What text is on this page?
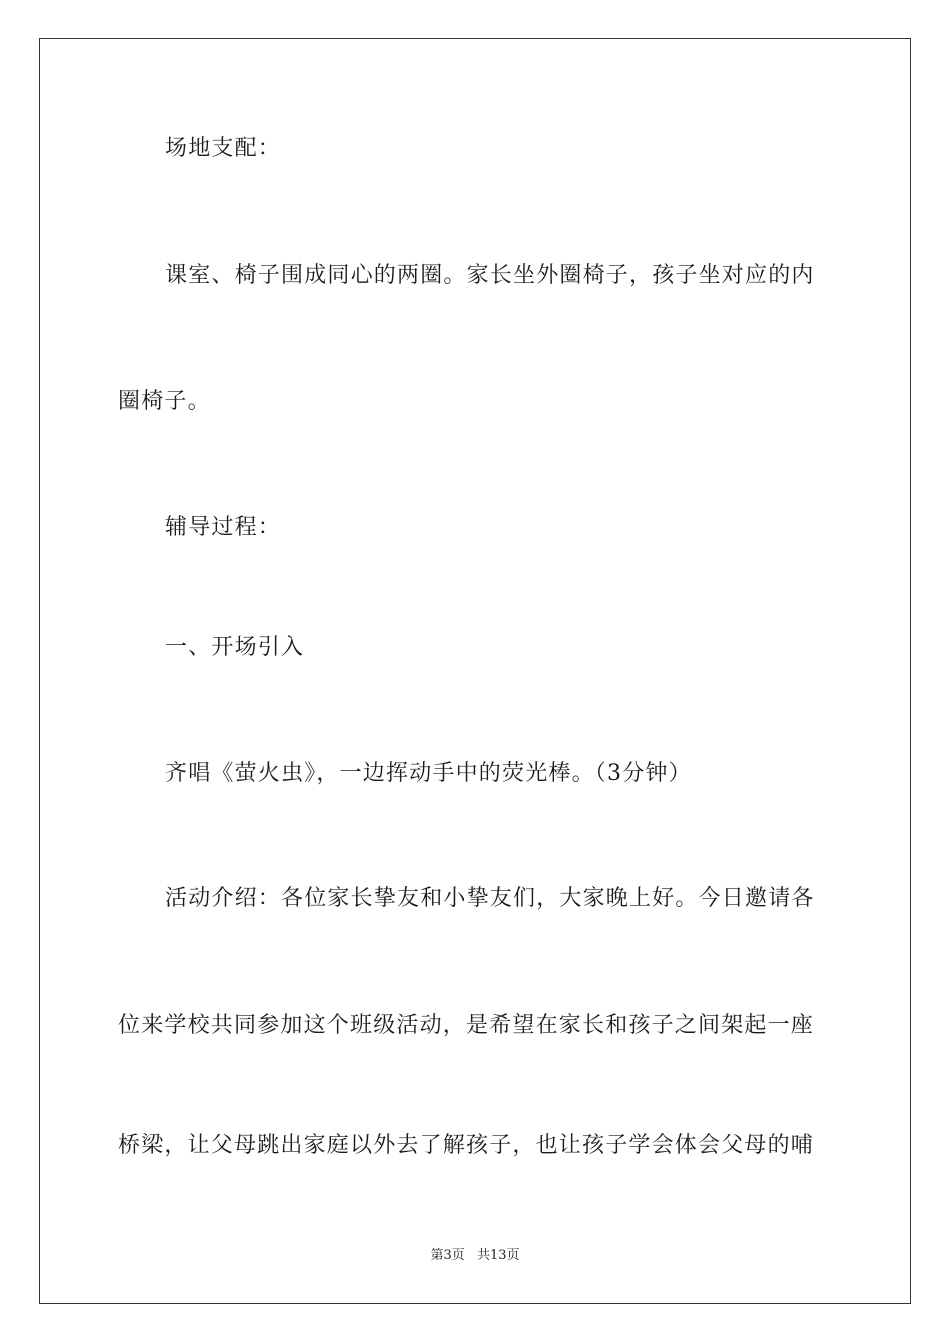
场地支配：

课室、椅子围成同心的两圈。家长坐外圈椅子，孩子坐对应的内

圈椅子。

辅导过程：

一、开场引入

齐唱《萤火虫》，一边挥动手中的荧光棒。（3分钟）

活动介绍：各位家长挚友和小挚友们，大家晚上好。今日邀请各

位来学校共同参加这个班级活动，是希望在家长和孩子之间架起一座

桥梁，让父母跳出家庭以外去了解孩子，也让孩子学会体会父母的哺

第3页 共13页
